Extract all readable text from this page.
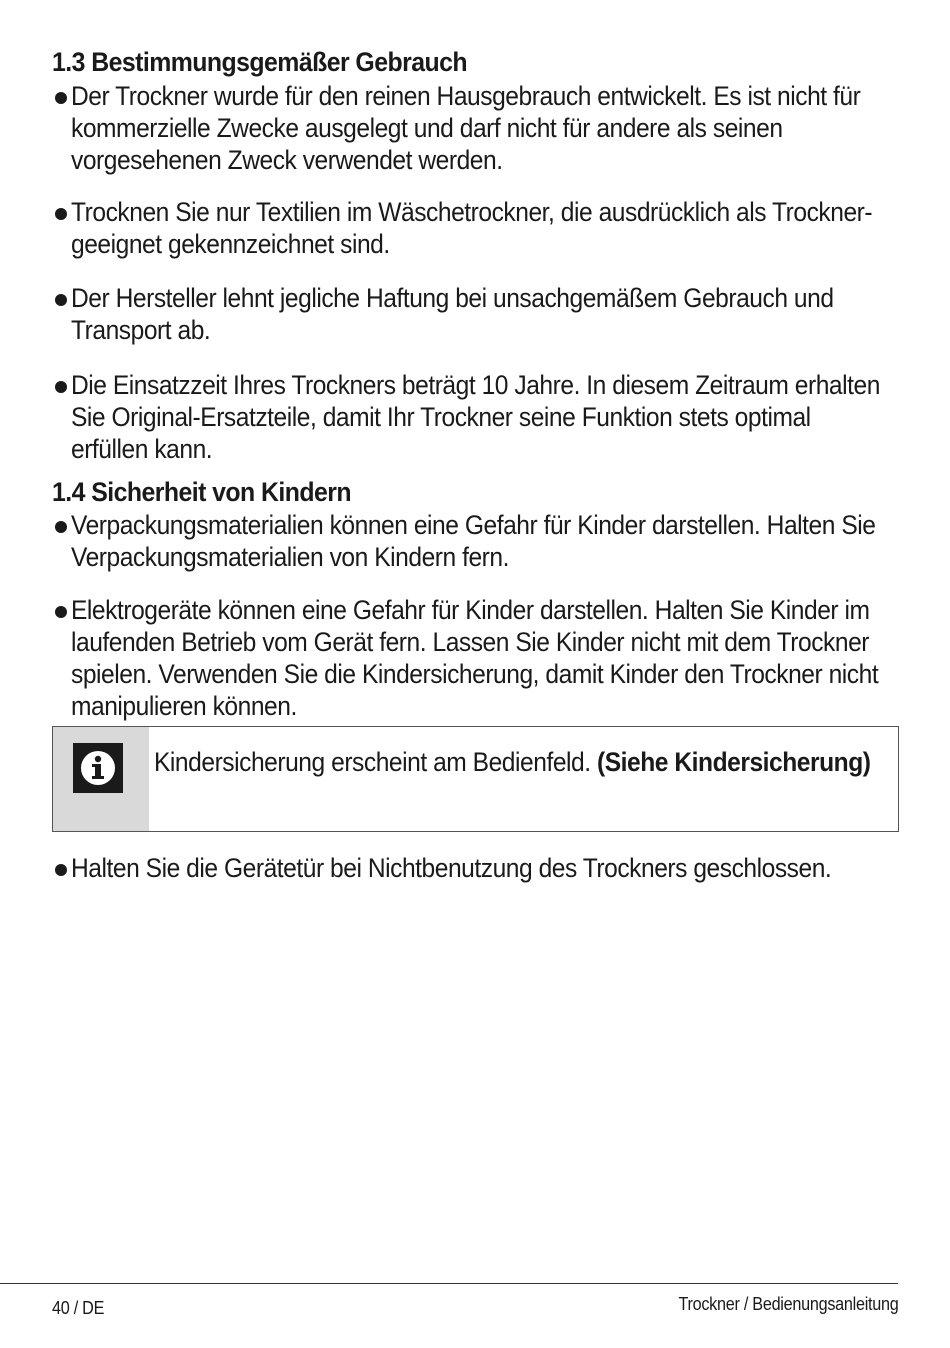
1.3 Bestimmungsgemäßer Gebrauch
Der Trockner wurde für den reinen Hausgebrauch entwickelt. Es ist nicht für kommerzielle Zwecke ausgelegt und darf nicht für andere als seinen vorgesehenen Zweck verwendet werden.
Trocknen Sie nur Textilien im Wäschetrockner, die ausdrücklich als Trockner-geeignet gekennzeichnet sind.
Der Hersteller lehnt jegliche Haftung bei unsachgemäßem Gebrauch und Transport ab.
Die Einsatzzeit Ihres Trockners beträgt 10 Jahre. In diesem Zeitraum erhalten Sie Original-Ersatzteile, damit Ihr Trockner seine Funktion stets optimal erfüllen kann.
1.4 Sicherheit von Kindern
Verpackungsmaterialien können eine Gefahr für Kinder darstellen. Halten Sie Verpackungsmaterialien von Kindern fern.
Elektrogeräte können eine Gefahr für Kinder darstellen. Halten Sie Kinder im laufenden Betrieb vom Gerät fern. Lassen Sie Kinder nicht mit dem Trockner spielen. Verwenden Sie die Kindersicherung, damit Kinder den Trockner nicht manipulieren können.
Kindersicherung erscheint am Bedienfeld. (Siehe Kindersicherung)
Halten Sie die Gerätetür bei Nichtbenutzung des Trockners geschlossen.
40 / DE	Trockner / Bedienungsanleitung
